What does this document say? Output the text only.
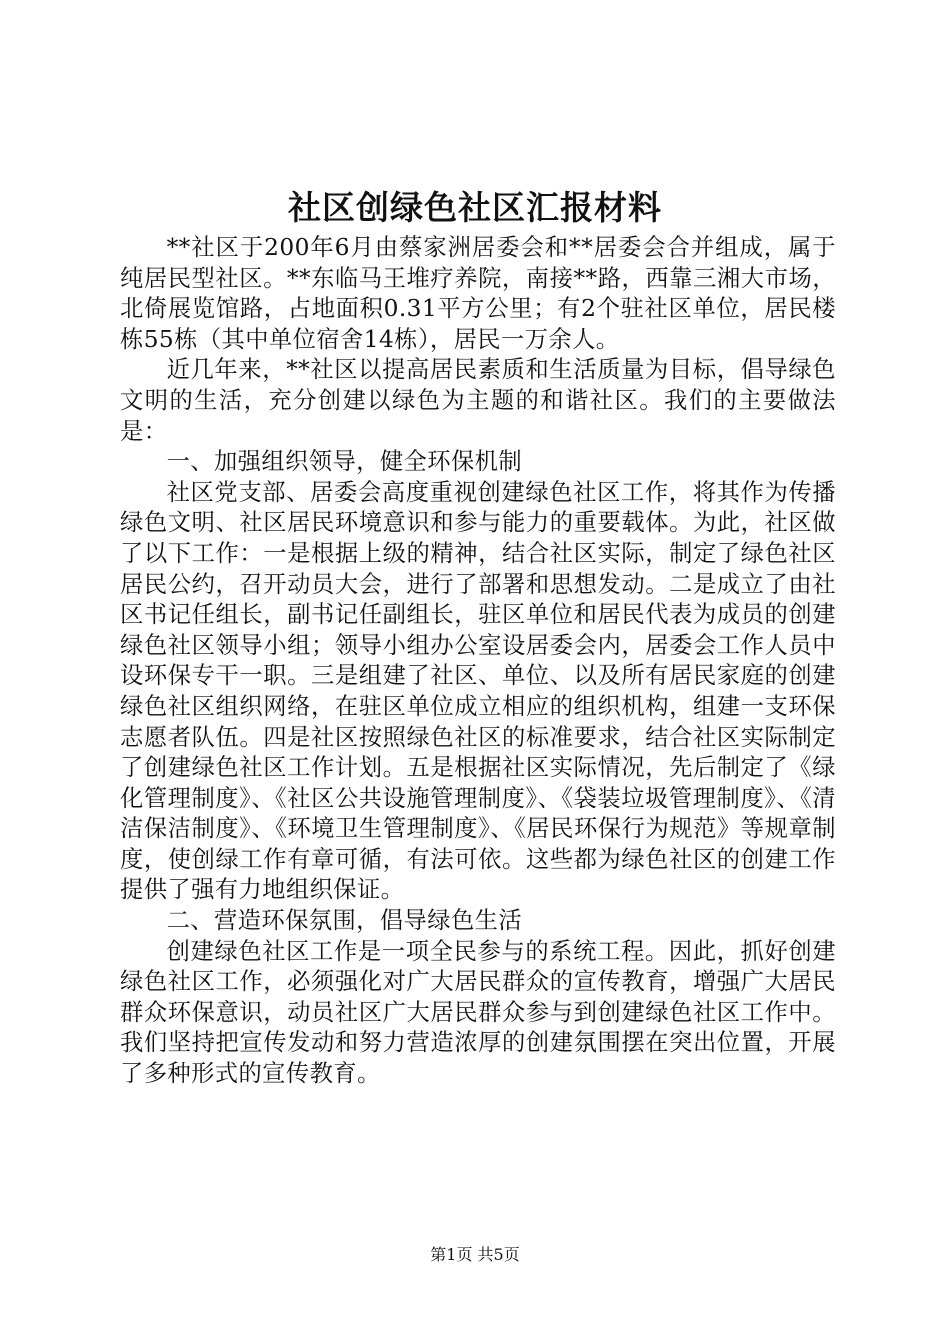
社区创绿色社区汇报材料

**社区于200年6月由蔡家洲居委会和**居委会合并组成，属于纯居民型社区。**东临马王堆疗养院，南接**路，西靠三湘大市场，北倚展览馆路，占地面积0.31平方公里；有2个驻社区单位，居民楼栋55栋（其中单位宿舍14栋），居民一万余人。

近几年来，**社区以提高居民素质和生活质量为目标，倡导绿色文明的生活，充分创建以绿色为主题的和谐社区。我们的主要做法是：

一、加强组织领导，健全环保机制

社区党支部、居委会高度重视创建绿色社区工作，将其作为传播绿色文明、社区居民环境意识和参与能力的重要载体。为此，社区做了以下工作：一是根据上级的精神，结合社区实际，制定了绿色社区居民公约，召开动员大会，进行了部署和思想发动。二是成立了由社区书记任组长，副书记任副组长，驻区单位和居民代表为成员的创建绿色社区领导小组；领导小组办公室设居委会内，居委会工作人员中设环保专干一职。三是组建了社区、单位、以及所有居民家庭的创建绿色社区组织网络，在驻区单位成立相应的组织机构，组建一支环保志愿者队伍。四是社区按照绿色社区的标准要求，结合社区实际制定了创建绿色社区工作计划。五是根据社区实际情况，先后制定了《绿化管理制度》、《社区公共设施管理制度》、《袋装垃圾管理制度》、《清洁保洁制度》、《环境卫生管理制度》、《居民环保行为规范》等规章制度，使创绿工作有章可循，有法可依。这些都为绿色社区的创建工作提供了强有力地组织保证。

二、营造环保氛围，倡导绿色生活

创建绿色社区工作是一项全民参与的系统工程。因此，抓好创建绿色社区工作，必须强化对广大居民群众的宣传教育，增强广大居民群众环保意识，动员社区广大居民群众参与到创建绿色社区工作中。我们坚持把宣传发动和努力营造浓厚的创建氛围摆在突出位置，开展了多种形式的宣传教育。

第1页 共5页
